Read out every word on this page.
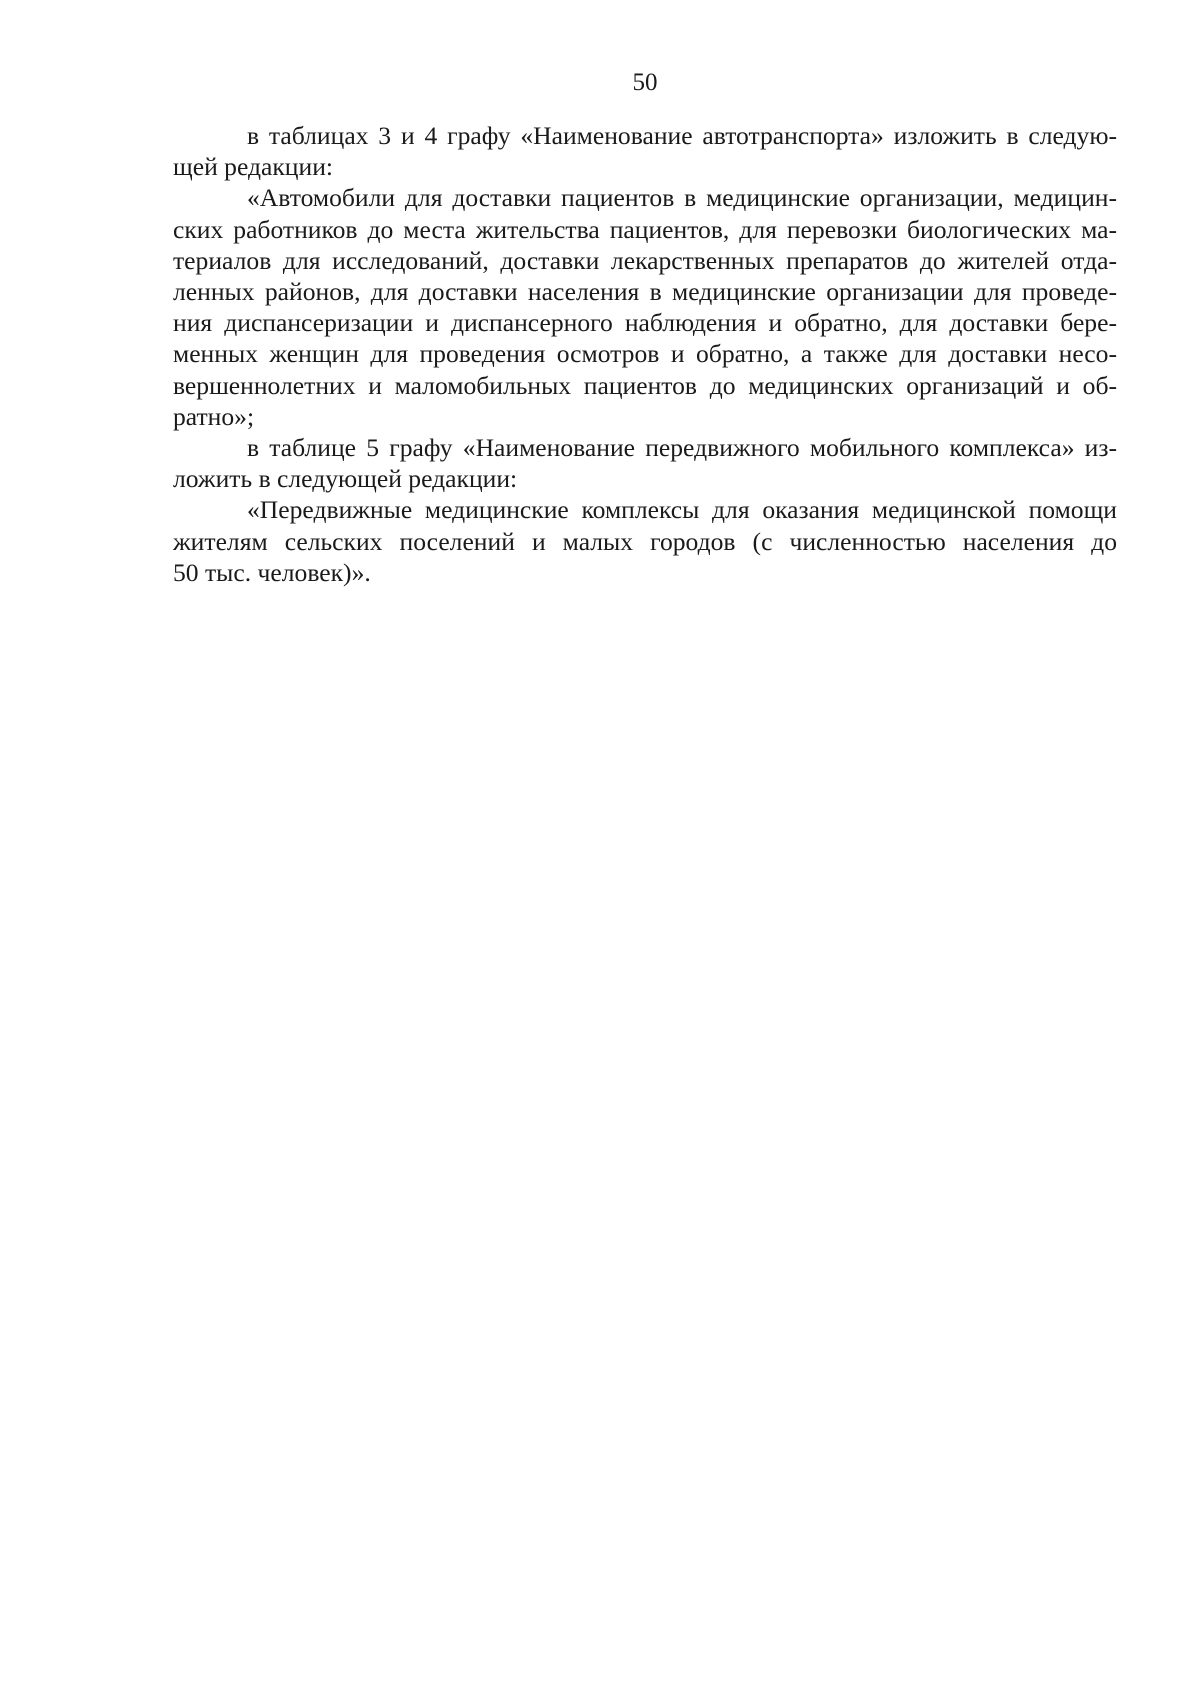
50

в таблицах 3 и 4 графу «Наименование автотранспорта» изложить в следую-
щей редакции:

«Автомобили для доставки пациентов в медицинские организации, медицин-
ских работников до места жительства пациентов, для перевозки биологических ма-
териалов для исследований, доставки лекарственных препаратов до жителей отда-
ленных районов, для доставки населения в медицинские организации для проведе-
ния диспансеризации и диспансерного наблюдения и обратно, для доставки бере-
менных женщин для проведения осмотров и обратно, а также для доставки несо-
вершеннолетних и маломобильных пациентов до медицинских организаций и об-
ратно»;

в таблице 5 графу «Наименование передвижного мобильного комплекса» из-
ложить в следующей редакции:

«Передвижные медицинские комплексы для оказания медицинской помощи
жителям сельских поселений и малых городов (с численностью населения до
50 тыс. человек)».
